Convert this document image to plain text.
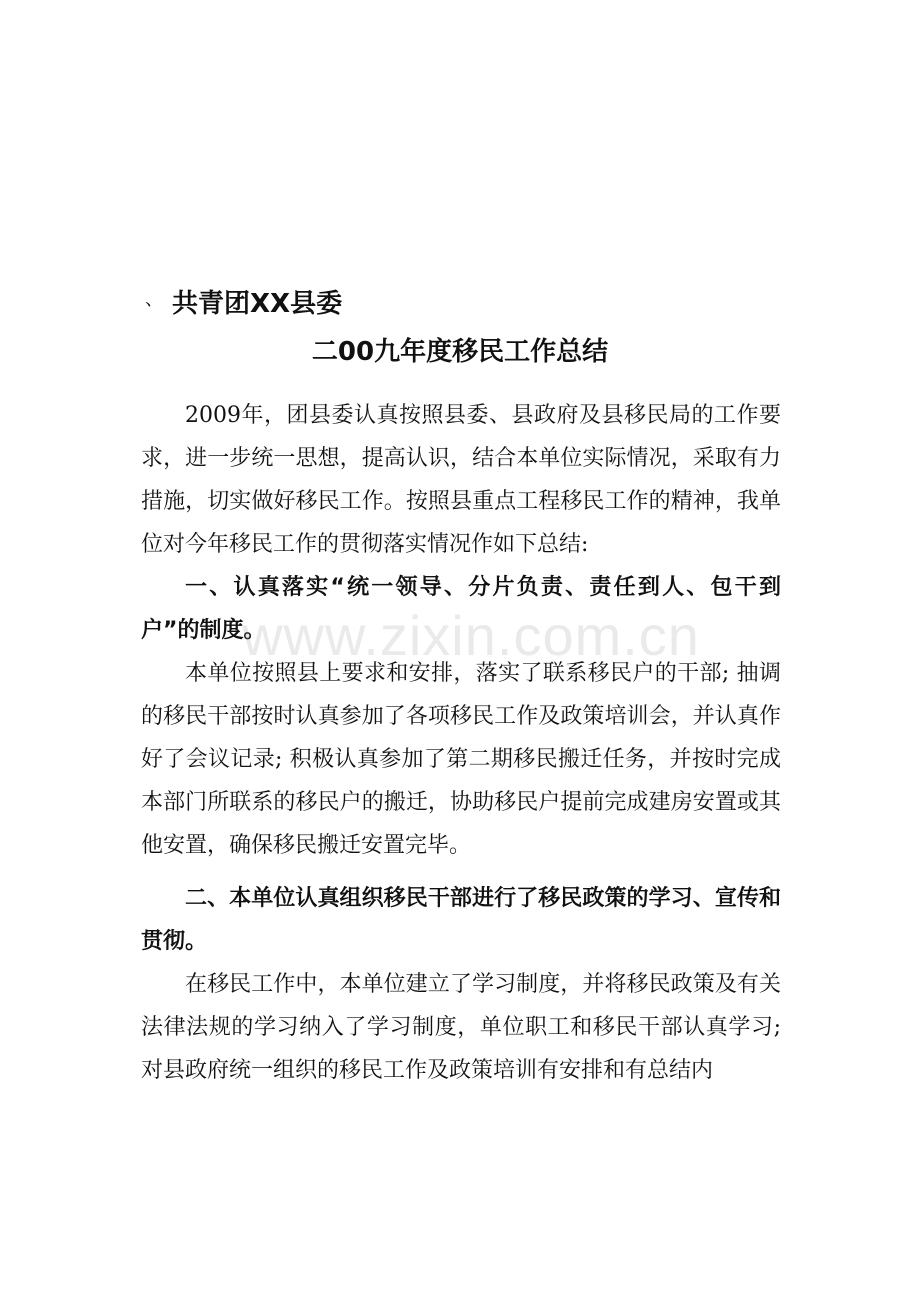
、 共青团XX县委
二00九年度移民工作总结

2009年，团县委认真按照县委、县政府及县移民局的工作要求，进一步统一思想，提高认识，结合本单位实际情况，采取有力措施，切实做好移民工作。按照县重点工程移民工作的精神，我单位对今年移民工作的贯彻落实情况作如下总结:

一、认真落实“统一领导、分片负责、责任到人、包干到户”的制度。

本单位按照县上要求和安排，落实了联系移民户的干部; 抽调的移民干部按时认真参加了各项移民工作及政策培训会，并认真作好了会议记录; 积极认真参加了第二期移民搬迁任务，并按时完成本部门所联系的移民户的搬迁，协助移民户提前完成建房安置或其他安置，确保移民搬迁安置完毕。

二、本单位认真组织移民干部进行了移民政策的学习、宣传和贯彻。

在移民工作中，本单位建立了学习制度，并将移民政策及有关法律法规的学习纳入了学习制度，单位职工和移民干部认真学习; 对县政府统一组织的移民工作及政策培训有安排和有总结内

www.zixin.com.cn
